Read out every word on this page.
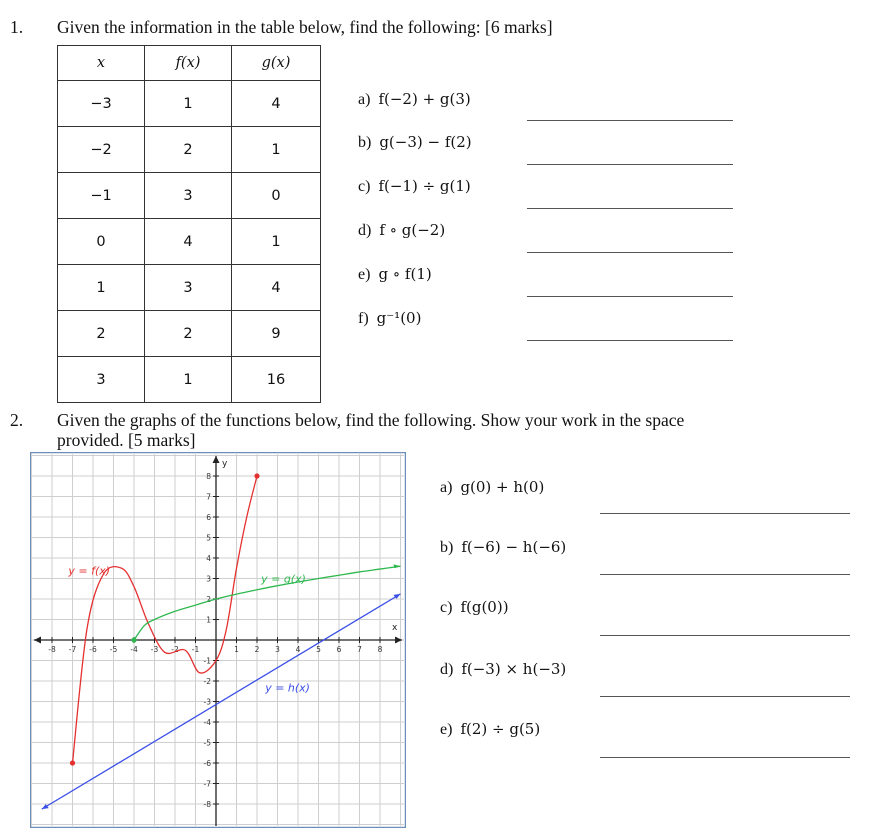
1. Given the information in the table below, find the following: [6 marks]
x	f(x)	g(x)
−3	1	4
−2	2	1
−1	3	0
0	4	1
1	3	4
2	2	9
3	1	16
a) f(−2) + g(3)
b) g(−3) − f(2)
c) f(−1) ÷ g(1)
d) f ∘ g(−2)
e) g ∘ f(1)
f) g⁻¹(0)
2. Given the graphs of the functions below, find the following. Show your work in the space
provided. [5 marks]
x
y
-8 -7 -6 -5 -4 -3 -2 -1	1 2 3 4 5 6 7 8
8
7
6
5
4
3
2
1
-1
-2
-3
-4
-5
-6
-7
-8
y = f(x)
y = g(x)
y = h(x)
a) g(0) + h(0)
b) f(−6) − h(−6)
c) f(g(0))
d) f(−3) × h(−3)
e) f(2) ÷ g(5)
